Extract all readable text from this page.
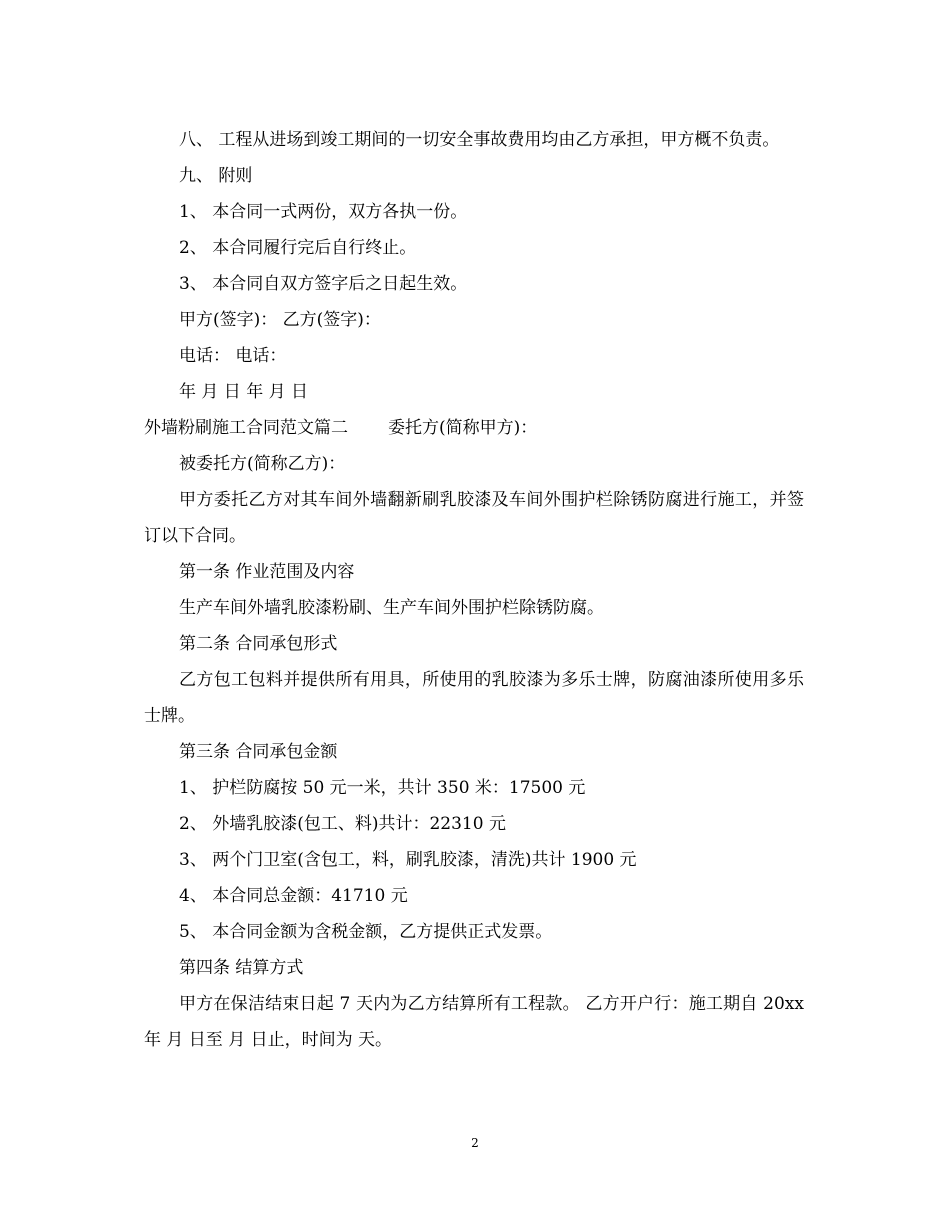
八、 工程从进场到竣工期间的一切安全事故费用均由乙方承担，甲方概不负责。

九、 附则

1、 本合同一式两份，双方各执一份。

2、 本合同履行完后自行终止。

3、 本合同自双方签字后之日起生效。

甲方(签字)： 乙方(签字)：

电话： 电话：

年 月 日 年 月 日

外墙粉刷施工合同范文篇二 委托方(简称甲方)：

被委托方(简称乙方)：

甲方委托乙方对其车间外墙翻新刷乳胶漆及车间外围护栏除锈防腐进行施工，并签订以下合同。

第一条 作业范围及内容

生产车间外墙乳胶漆粉刷、生产车间外围护栏除锈防腐。

第二条 合同承包形式

乙方包工包料并提供所有用具，所使用的乳胶漆为多乐士牌，防腐油漆所使用多乐士牌。

第三条 合同承包金额

1、 护栏防腐按 50 元一米，共计 350 米：17500 元

2、 外墙乳胶漆(包工、料)共计：22310 元

3、 两个门卫室(含包工，料，刷乳胶漆，清洗)共计 1900 元

4、 本合同总金额：41710 元

5、 本合同金额为含税金额，乙方提供正式发票。

第四条 结算方式

甲方在保洁结束日起 7 天内为乙方结算所有工程款。 乙方开户行：施工期自 20xx 年 月 日至 月 日止，时间为 天。

2
